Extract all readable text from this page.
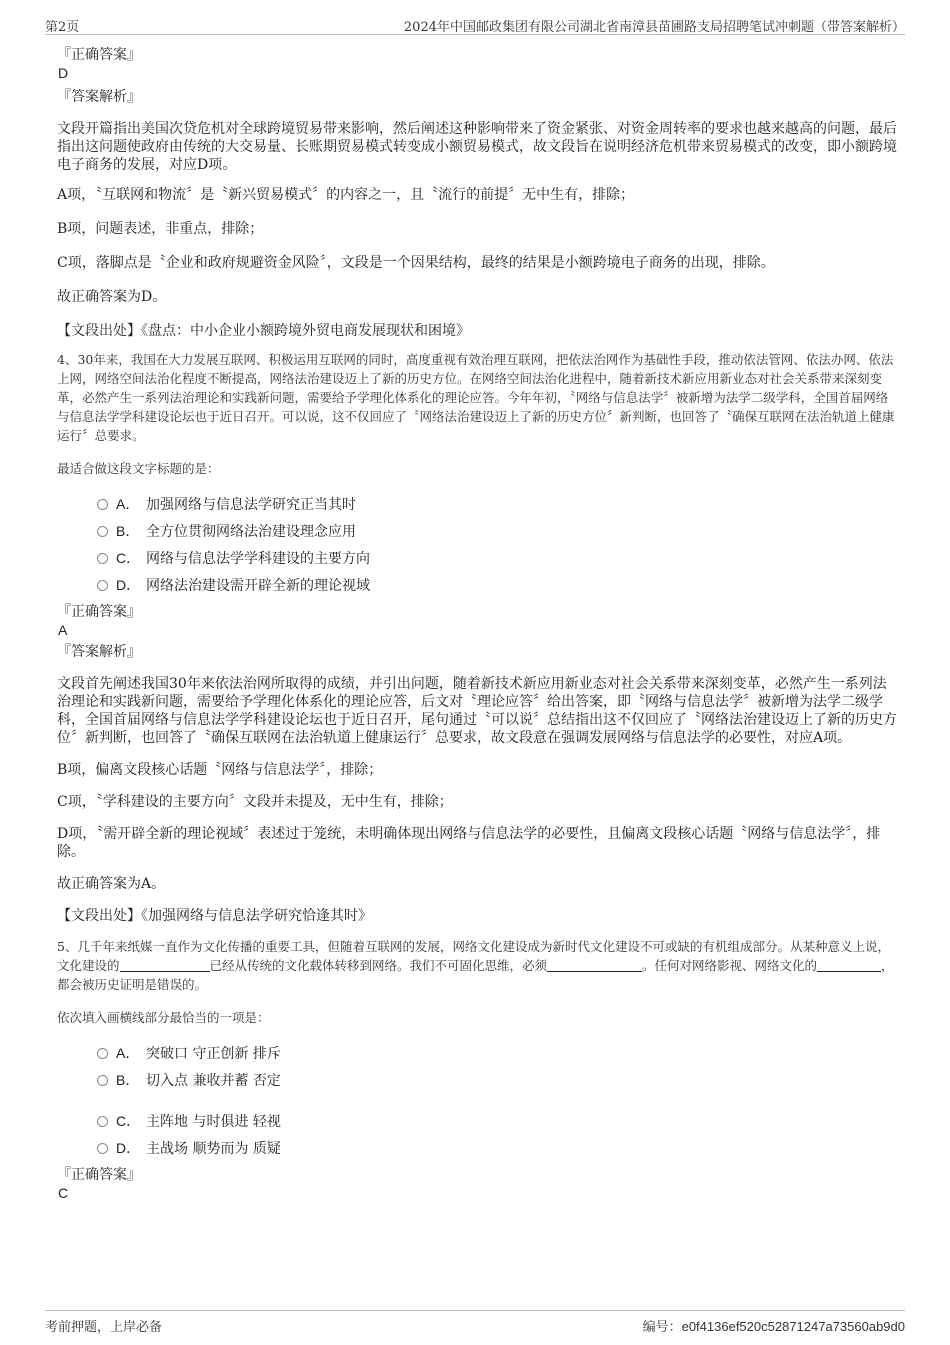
第2页	2024年中国邮政集团有限公司湖北省南漳县苗圃路支局招聘笔试冲刺题（带答案解析）

『正确答案』

D

『答案解析』

文段开篇指出美国次贷危机对全球跨境贸易带来影响，然后阐述这种影响带来了资金紧张、对资金周转率的要求也越来越高的问题，最后指出这问题使政府由传统的大交易量、长账期贸易模式转变成小额贸易模式，故文段旨在说明经济危机带来贸易模式的改变，即小额跨境电子商务的发展，对应D项。

A项，〝互联网和物流〞是〝新兴贸易模式〞的内容之一，且〝流行的前提〞无中生有，排除；

B项，问题表述，非重点，排除；

C项，落脚点是〝企业和政府规避资金风险〞，文段是一个因果结构，最终的结果是小额跨境电子商务的出现，排除。

故正确答案为D。

【文段出处】《盘点：中小企业小额跨境外贸电商发展现状和困境》

4、30年来，我国在大力发展互联网、积极运用互联网的同时，高度重视有效治理互联网，把依法治网作为基础性手段，推动依法管网、依法办网、依法上网，网络空间法治化程度不断提高，网络法治建设迈上了新的历史方位。在网络空间法治化进程中，随着新技术新应用新业态对社会关系带来深刻变革，必然产生一系列法治理论和实践新问题，需要给予学理化体系化的理论应答。今年年初，〝网络与信息法学〞被新增为法学二级学科，全国首届网络与信息法学学科建设论坛也于近日召开。可以说，这不仅回应了〝网络法治建设迈上了新的历史方位〞新判断，也回答了〝确保互联网在法治轨道上健康运行〞总要求。

最适合做这段文字标题的是：

A． 加强网络与信息法学研究正当其时

B． 全方位贯彻网络法治建设理念应用

C． 网络与信息法学学科建设的主要方向

D． 网络法治建设需开辟全新的理论视域

『正确答案』

A

『答案解析』

文段首先阐述我国30年来依法治网所取得的成绩，并引出问题，随着新技术新应用新业态对社会关系带来深刻变革，必然产生一系列法治理论和实践新问题，需要给予学理化体系化的理论应答，后文对〝理论应答〞给出答案，即〝网络与信息法学〞被新增为法学二级学科，全国首届网络与信息法学学科建设论坛也于近日召开，尾句通过〝可以说〞总结指出这不仅回应了〝网络法治建设迈上了新的历史方位〞新判断，也回答了〝确保互联网在法治轨道上健康运行〞总要求，故文段意在强调发展网络与信息法学的必要性，对应A项。

B项，偏离文段核心话题〝网络与信息法学〞，排除；

C项，〝学科建设的主要方向〞文段并未提及，无中生有，排除；

D项，〝需开辟全新的理论视域〞表述过于笼统，未明确体现出网络与信息法学的必要性，且偏离文段核心话题〝网络与信息法学〞，排除。

故正确答案为A。

【文段出处】《加强网络与信息法学研究恰逢其时》

5、几千年来纸媒一直作为文化传播的重要工具，但随着互联网的发展，网络文化建设成为新时代文化建设不可或缺的有机组成部分。从某种意义上说，文化建设的	已经从传统的文化载体转移到网络。我们不可固化思维，必须	。任何对网络影视、网络文化的	，都会被历史证明是错误的。

依次填入画横线部分最恰当的一项是：

A． 突破口 守正创新 排斥

B． 切入点 兼收并蓄 否定

C． 主阵地 与时俱进 轻视

D． 主战场 顺势而为 质疑

『正确答案』

C

考前押题，上岸必备	编号：e0f4136ef520c52871247a73560ab9d0
